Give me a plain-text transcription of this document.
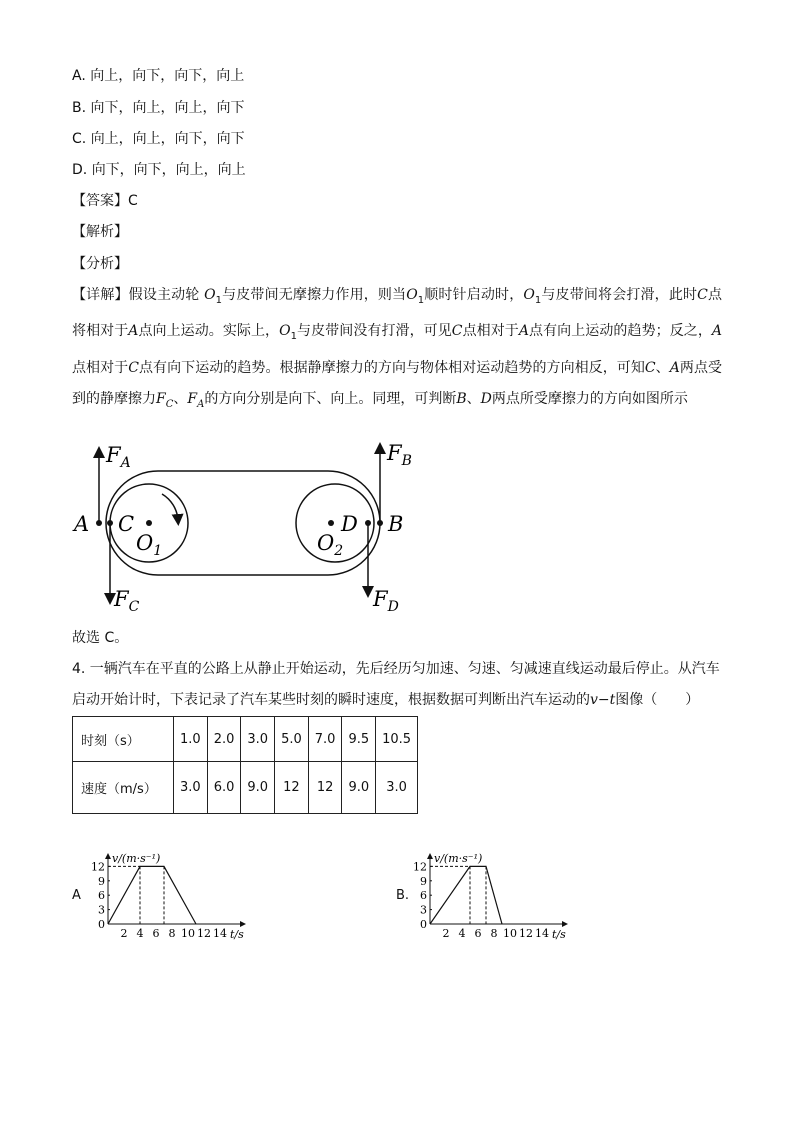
A. 向上，向下，向下，向上
B. 向下，向上，向上，向下
C. 向上，向上，向下，向下
D. 向下，向下，向上，向上
【答案】C
【解析】
【分析】
【详解】假设主动轮 $O_1$与皮带间无摩擦力作用，则当$O_1$顺时针启动时，$O_1$与皮带间将会打滑，此时C点将相对于A点向上运动。实际上，$O_1$与皮带间没有打滑，可见C点相对于A点有向上运动的趋势；反之，A点相对于C点有向下运动的趋势。根据静摩擦力的方向与物体相对运动趋势的方向相反，可知C、A两点受到的静摩擦力$F_C$、$F_A$的方向分别是向下、向上。同理，可判断B、D两点所受摩擦力的方向如图所示
$F_A$	$F_B$
$F_C$	$F_D$
A C	D B
$O_1$	$O_2$
故选 C。
4. 一辆汽车在平直的公路上从静止开始运动，先后经历匀加速、匀速、匀减速直线运动最后停止。从汽车
启动开始计时，下表记录了汽车某些时刻的瞬时速度，根据数据可判断出汽车运动的v−t图像（　　）
时刻（s）	1.0	2.0	3.0	5.0	7.0	9.5	10.5
速度（m/s）	3.0	6.0	9.0	12	12	9.0	3.0
A	B.
v/(m·s⁻¹)
t/s
12
9
6
3
0
2 4 6 8 10 12 14
v/(m·s⁻¹)
t/s
12
9
6
3
0
2 4 6 8 10 12 14
